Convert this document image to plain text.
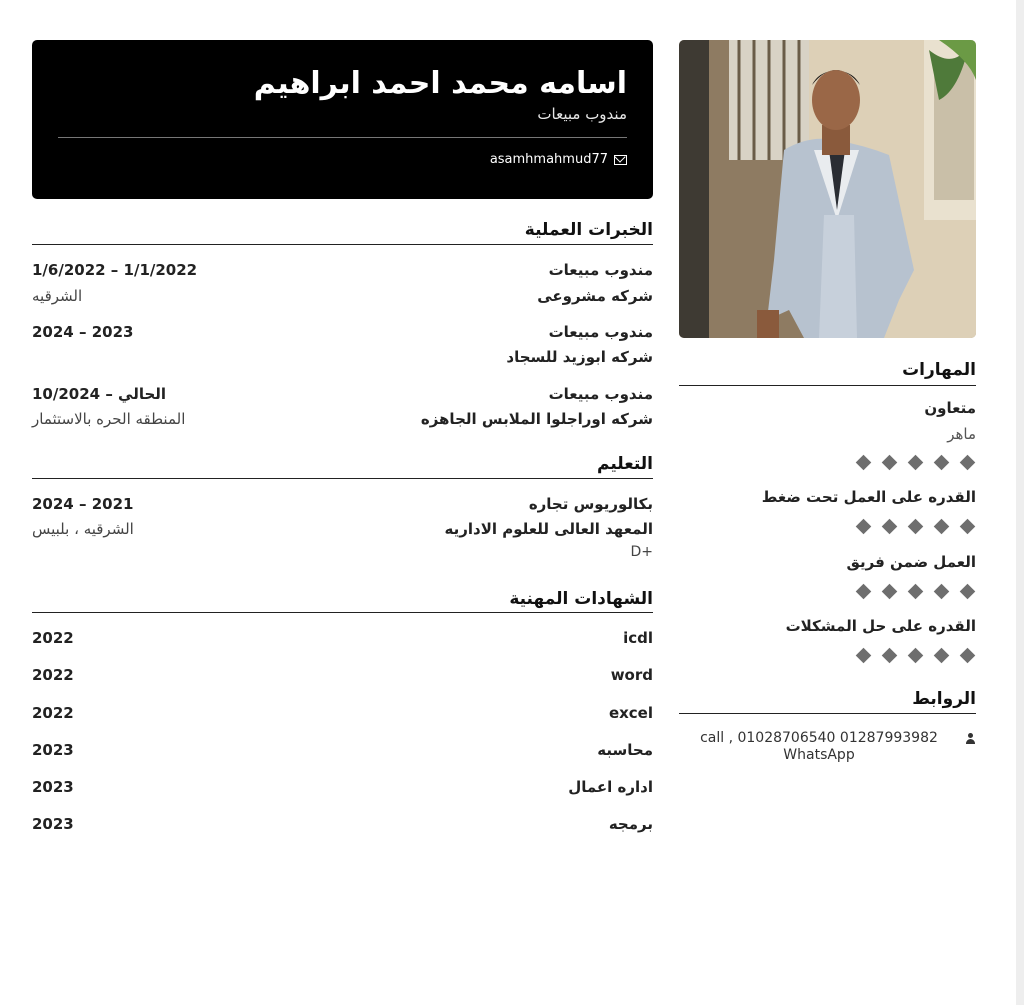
اسامه محمد احمد ابراهيم
مندوب مبيعات
asamhmahmud77
الخبرات العملية
مندوب مبيعات
1/6/2022 – 1/1/2022
شركه مشروعى
الشرقيه
مندوب مبيعات
2024 – 2023
شركه ابوزيد للسجاد
مندوب مبيعات
10/2024 – الحالي
شركه اوراجلوا الملابس الجاهزه
المنطقه الحره بالاستثمار
التعليم
بكالوريوس تجاره
2024 – 2021
المعهد العالى للعلوم الاداريه
الشرقيه ، بلبيس
D+
الشهادات المهنية
icdl
2022
word
2022
excel
2022
محاسبه
2023
اداره اعمال
2023
برمجه
2023
المهارات
متعاون
ماهر
القدره على العمل تحت ضغط
العمل ضمن فريق
القدره على حل المشكلات
الروابط
call , 01028706540 01287993982 WhatsApp
